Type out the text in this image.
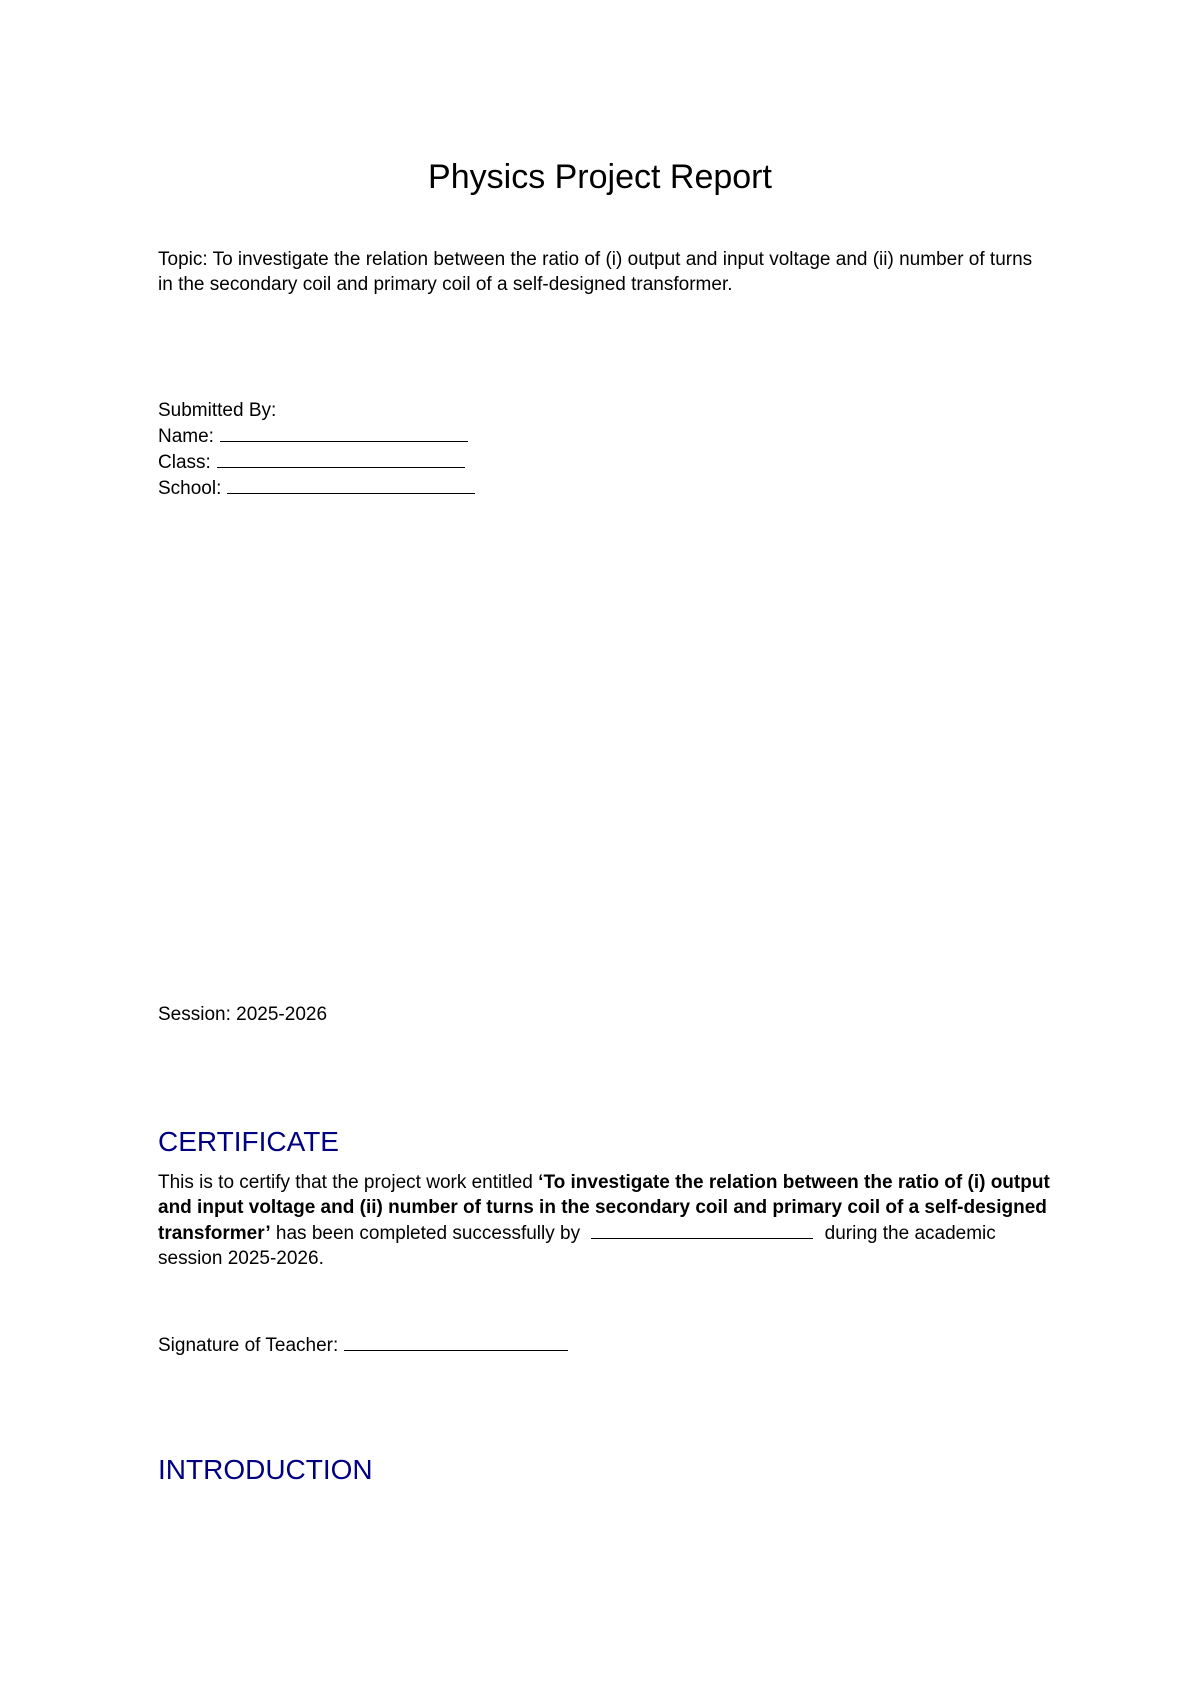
Physics Project Report
Topic: To investigate the relation between the ratio of (i) output and input voltage and (ii) number of turns in the secondary coil and primary coil of a self-designed transformer.
Submitted By:
Name:
Class:
School:
Session: 2025-2026
CERTIFICATE
This is to certify that the project work entitled ‘To investigate the relation between the ratio of (i) output and input voltage and (ii) number of turns in the secondary coil and primary coil of a self-designed transformer’ has been completed successfully by	during the academic session 2025-2026.
Signature of Teacher:
INTRODUCTION
